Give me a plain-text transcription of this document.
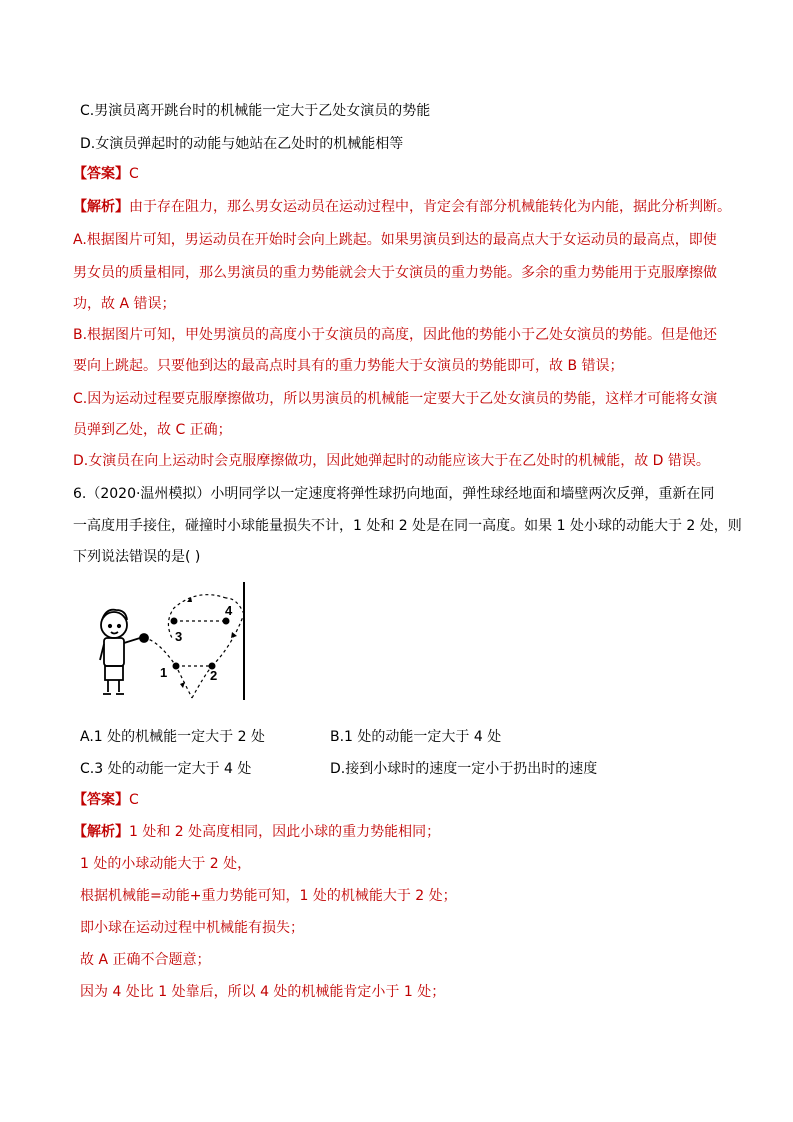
C.男演员离开跳台时的机械能一定大于乙处女演员的势能
D.女演员弹起时的动能与她站在乙处时的机械能相等
【答案】C
【解析】由于存在阻力，那么男女运动员在运动过程中，肯定会有部分机械能转化为内能，据此分析判断。
A.根据图片可知，男运动员在开始时会向上跳起。如果男演员到达的最高点大于女运动员的最高点，即使
男女员的质量相同，那么男演员的重力势能就会大于女演员的重力势能。多余的重力势能用于克服摩擦做
功，故 A 错误；
B.根据图片可知，甲处男演员的高度小于女演员的高度，因此他的势能小于乙处女演员的势能。但是他还
要向上跳起。只要他到达的最高点时具有的重力势能大于女演员的势能即可，故 B 错误；
C.因为运动过程要克服摩擦做功，所以男演员的机械能一定要大于乙处女演员的势能，这样才可能将女演
员弹到乙处，故 C 正确；
D.女演员在向上运动时会克服摩擦做功，因此她弹起时的动能应该大于在乙处时的机械能，故 D 错误。
6.（2020·温州模拟）小明同学以一定速度将弹性球扔向地面，弹性球经地面和墙壁两次反弹，重新在同
一高度用手接住，碰撞时小球能量损失不计，1 处和 2 处是在同一高度。如果 1 处小球的动能大于 2 处，则
下列说法错误的是( )
1	2
3
4
A.1 处的机械能一定大于 2 处	B.1 处的动能一定大于 4 处
C.3 处的动能一定大于 4 处	D.接到小球时的速度一定小于扔出时的速度
【答案】C
【解析】1 处和 2 处高度相同，因此小球的重力势能相同；
1 处的小球动能大于 2 处，
根据机械能=动能+重力势能可知，1 处的机械能大于 2 处；
即小球在运动过程中机械能有损失；
故 A 正确不合题意；
因为 4 处比 1 处靠后，所以 4 处的机械能肯定小于 1 处；
